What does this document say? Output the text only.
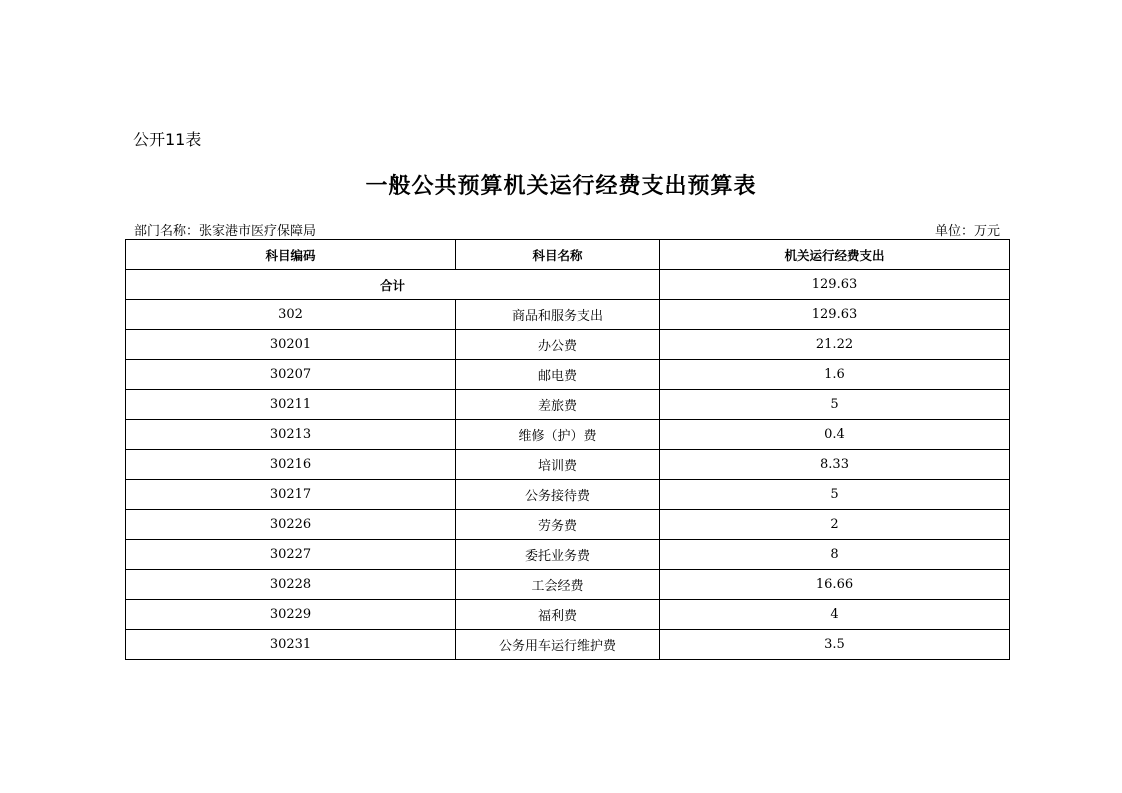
公开11表
一般公共预算机关运行经费支出预算表
部门名称：张家港市医疗保障局	单位：万元
科目编码	科目名称	机关运行经费支出
合计		129.63
302	商品和服务支出	129.63
30201	办公费	21.22
30207	邮电费	1.6
30211	差旅费	5
30213	维修（护）费	0.4
30216	培训费	8.33
30217	公务接待费	5
30226	劳务费	2
30227	委托业务费	8
30228	工会经费	16.66
30229	福利费	4
30231	公务用车运行维护费	3.5
